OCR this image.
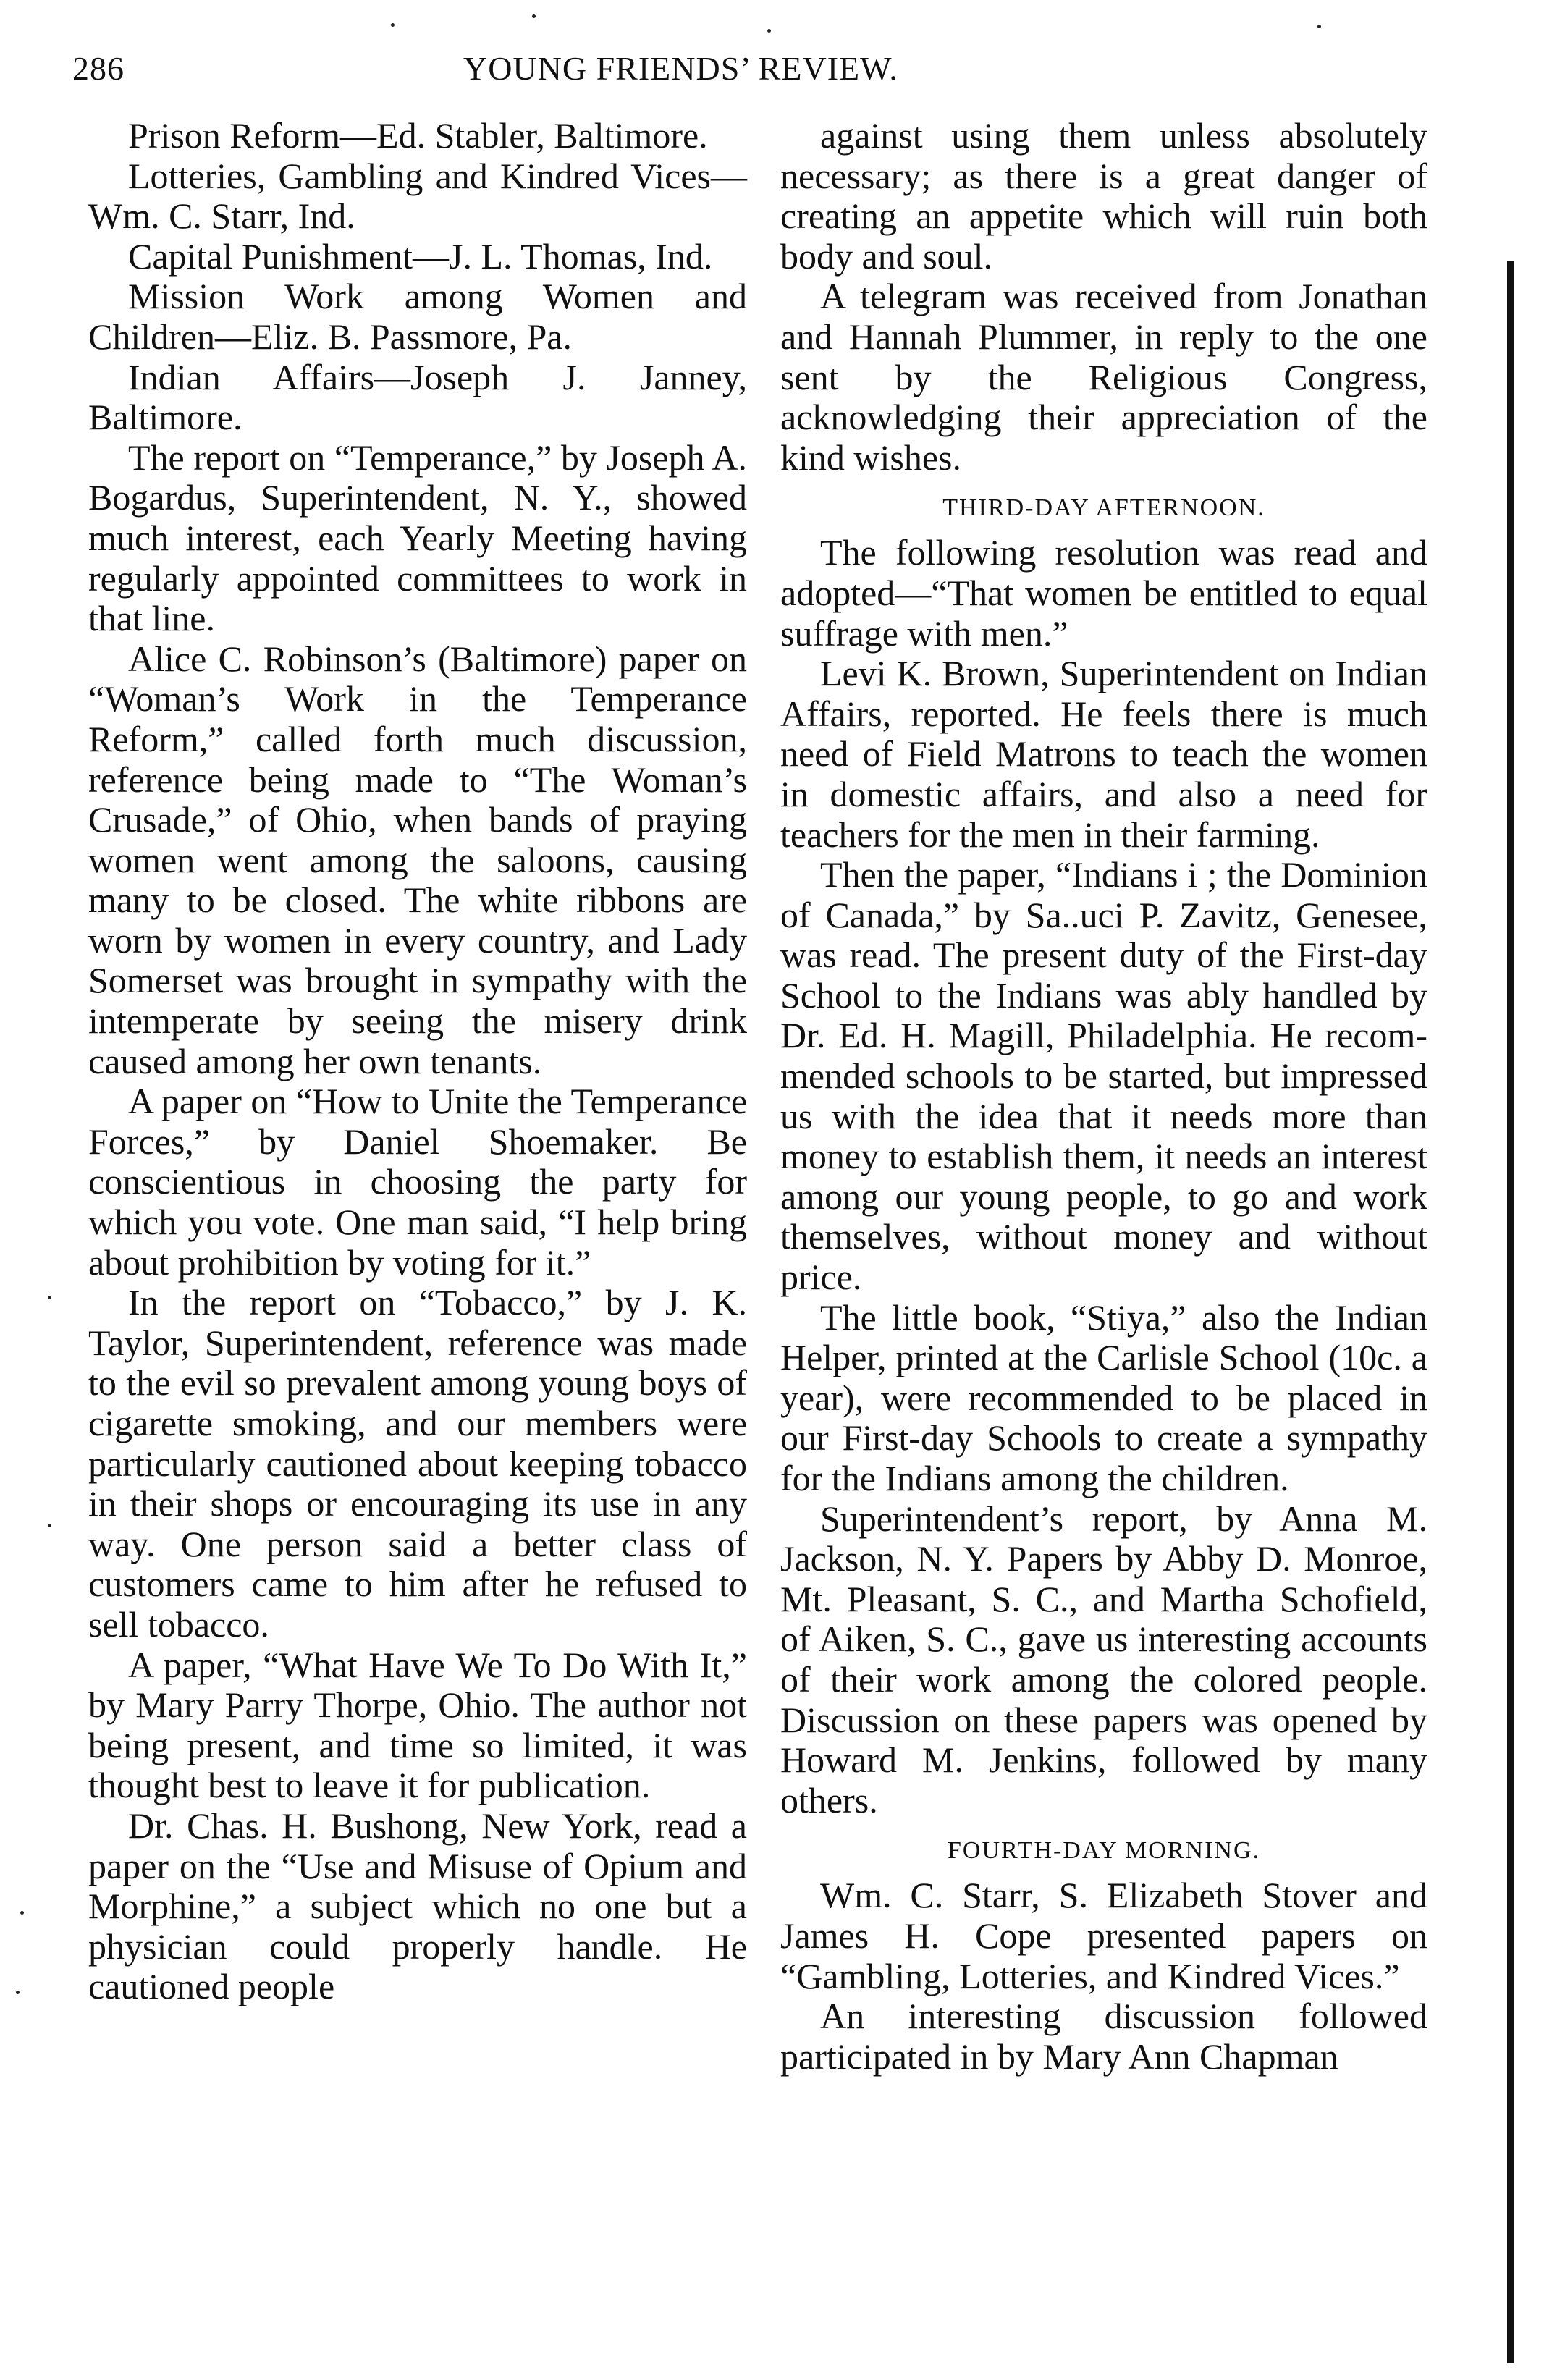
286	YOUNG FRIENDS’ REVIEW.

Prison Reform—Ed. Stabler, Baltimore.

Lotteries, Gambling and Kindred Vices—Wm. C. Starr, Ind.

Capital Punishment—J. L. Thomas, Ind.

Mission Work among Women and Children—Eliz. B. Passmore, Pa.

Indian Affairs—Joseph J. Janney, Baltimore.

The report on “Temperance,” by Joseph A. Bogardus, Superintendent, N. Y., showed much interest, each Yearly Meeting having regularly appointed committees to work in that line.

Alice C. Robinson’s (Baltimore) paper on “Woman’s Work in the Temperance Reform,” called forth much discussion, reference being made to “The Woman’s Crusade,” of Ohio, when bands of praying women went among the saloons, causing many to be closed. The white ribbons are worn by women in every country, and Lady Somerset was brought in sympathy with the intemperate by seeing the misery drink caused among her own tenants.

A paper on “How to Unite the Temperance Forces,” by Daniel Shoemaker. Be conscientious in choosing the party for which you vote. One man said, “I help bring about prohibition by voting for it.”

In the report on “Tobacco,” by J. K. Taylor, Superintendent, reference was made to the evil so prevalent among young boys of cigarette smoking, and our members were particularly cautioned about keeping tobacco in their shops or encouraging its use in any way. One person said a better class of customers came to him after he refused to sell tobacco.

A paper, “What Have We To Do With It,” by Mary Parry Thorpe, Ohio. The author not being present, and time so limited, it was thought best to leave it for publication.

Dr. Chas. H. Bushong, New York, read a paper on the “Use and Misuse of Opium and Morphine,” a subject which no one but a physician could properly handle. He cautioned people

against using them unless absolutely necessary; as there is a great danger of creating an appetite which will ruin both body and soul.

A telegram was received from Jonathan and Hannah Plummer, in reply to the one sent by the Religious Congress, acknowledging their appreciation of the kind wishes.

THIRD-DAY AFTERNOON.

The following resolution was read and adopted—“That women be entitled to equal suffrage with men.”

Levi K. Brown, Superintendent on Indian Affairs, reported. He feels there is much need of Field Matrons to teach the women in domestic affairs, and also a need for teachers for the men in their farming.

Then the paper, “Indians i ; the Dominion of Canada,” by Sa..uci P. Zavitz, Genesee, was read. The present duty of the First-day School to the Indians was ably handled by Dr. Ed. H. Magill, Philadelphia. He recommended schools to be started, but impressed us with the idea that it needs more than money to establish them, it needs an interest among our young people, to go and work themselves, without money and without price.

The little book, “Stiya,” also the Indian Helper, printed at the Carlisle School (10c. a year), were recommended to be placed in our First-day Schools to create a sympathy for the Indians among the children.

Superintendent’s report, by Anna M. Jackson, N. Y. Papers by Abby D. Monroe, Mt. Pleasant, S. C., and Martha Schofield, of Aiken, S. C., gave us interesting accounts of their work among the colored people. Discussion on these papers was opened by Howard M. Jenkins, followed by many others.

FOURTH-DAY MORNING.

Wm. C. Starr, S. Elizabeth Stover and James H. Cope presented papers on “Gambling, Lotteries, and Kindred Vices.”

An interesting discussion followed participated in by Mary Ann Chapman
